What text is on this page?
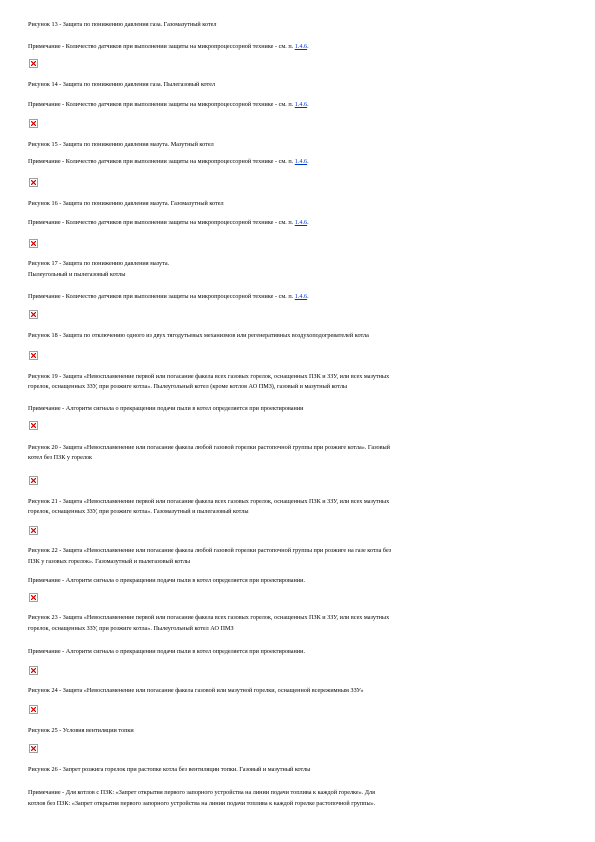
Рисунок 13 - Защита по понижению давления газа. Газомазутный котел
Примечание - Количество датчиков при выполнении защиты на микропроцессорной технике - см. п. 1.4.6.
Рисунок 14 - Защита по понижению давления газа. Пылегазовый котел
Примечание - Количество датчиков при выполнении защиты на микропроцессорной технике - см. п. 1.4.6.
Рисунок 15 - Защита по понижению давления мазута. Мазутный котел
Примечание - Количество датчиков при выполнении защиты на микропроцессорной технике - см. п. 1.4.6.
Рисунок 16 - Защита по понижению давления мазута. Газомазутный котел
Примечание - Количество датчиков при выполнении защиты на микропроцессорной технике - см. п. 1.4.6.
Рисунок 17 - Защита по понижению давления мазута.
Пылеугольный и пылегазовый котлы
Примечание - Количество датчиков при выполнении защиты на микропроцессорной технике - см. п. 1.4.6.
Рисунок 18 - Защита по отключению одного из двух тягодутьевых механизмов или регенеративных воздухоподогревателей котла
Рисунок 19 - Защита «Невоспламенение первой или погасание факела всех газовых горелок, оснащенных ПЗК и ЗЗУ, или всех мазутных
горелок, оснащенных ЗЗУ, при розжиге котла». Пылеугольный котел (кроме котлов АО ПМЗ), газовый и мазутный котлы
Примечание - Алгоритм сигнала о прекращении подачи пыли в котел определяется при проектировании
Рисунок 20 - Защита «Невоспламенение или погасание факела любой газовой горелки растопочной группы при розжиге котла». Газовый
котел без ПЗК у горелок
Рисунок 21 - Защита «Невоспламенение первой или погасание факела всех газовых горелок, оснащенных ПЗК и ЗЗУ, или всех мазутных
горелок, оснащенных ЗЗУ, при розжиге котла». Газомазутный и пылегазовый котлы
Рисунок 22 - Защита «Невоспламенение или погасание факела любой газовой горелки растопочной группы при розжиге на газе котла без
ПЗК у газовых горелок». Газомазутный и пылегазовый котлы
Примечание - Алгоритм сигнала о прекращении подачи пыли в котел определяется при проектировании.
Рисунок 23 - Защита «Невоспламенение первой или погасание факела всех газовых горелок, оснащенных ПЗК и ЗЗУ, или всех мазутных
горелок, оснащенных ЗЗУ, при розжиге котла». Пылеугольный котел АО ПМЗ
Примечание - Алгоритм сигнала о прекращении подачи пыли в котел определяется при проектировании.
Рисунок 24 - Защита «Невоспламенение или погасание факела газовой или мазутной горелки, оснащенной всережимным ЗЗУ»
Рисунок 25 - Условия вентиляции топки
Рисунок 26 - Запрет розжига горелок при растопке котла без вентиляции топки. Газовый и мазутный котлы
Примечание - Для котлов с ПЗК: «Запрет открытия первого запорного устройства на линии подачи топлива к каждой горелке». Для
котлов без ПЗК: «Запрет открытия первого запорного устройства на линии подачи топлива к каждой горелке растопочной группы».
